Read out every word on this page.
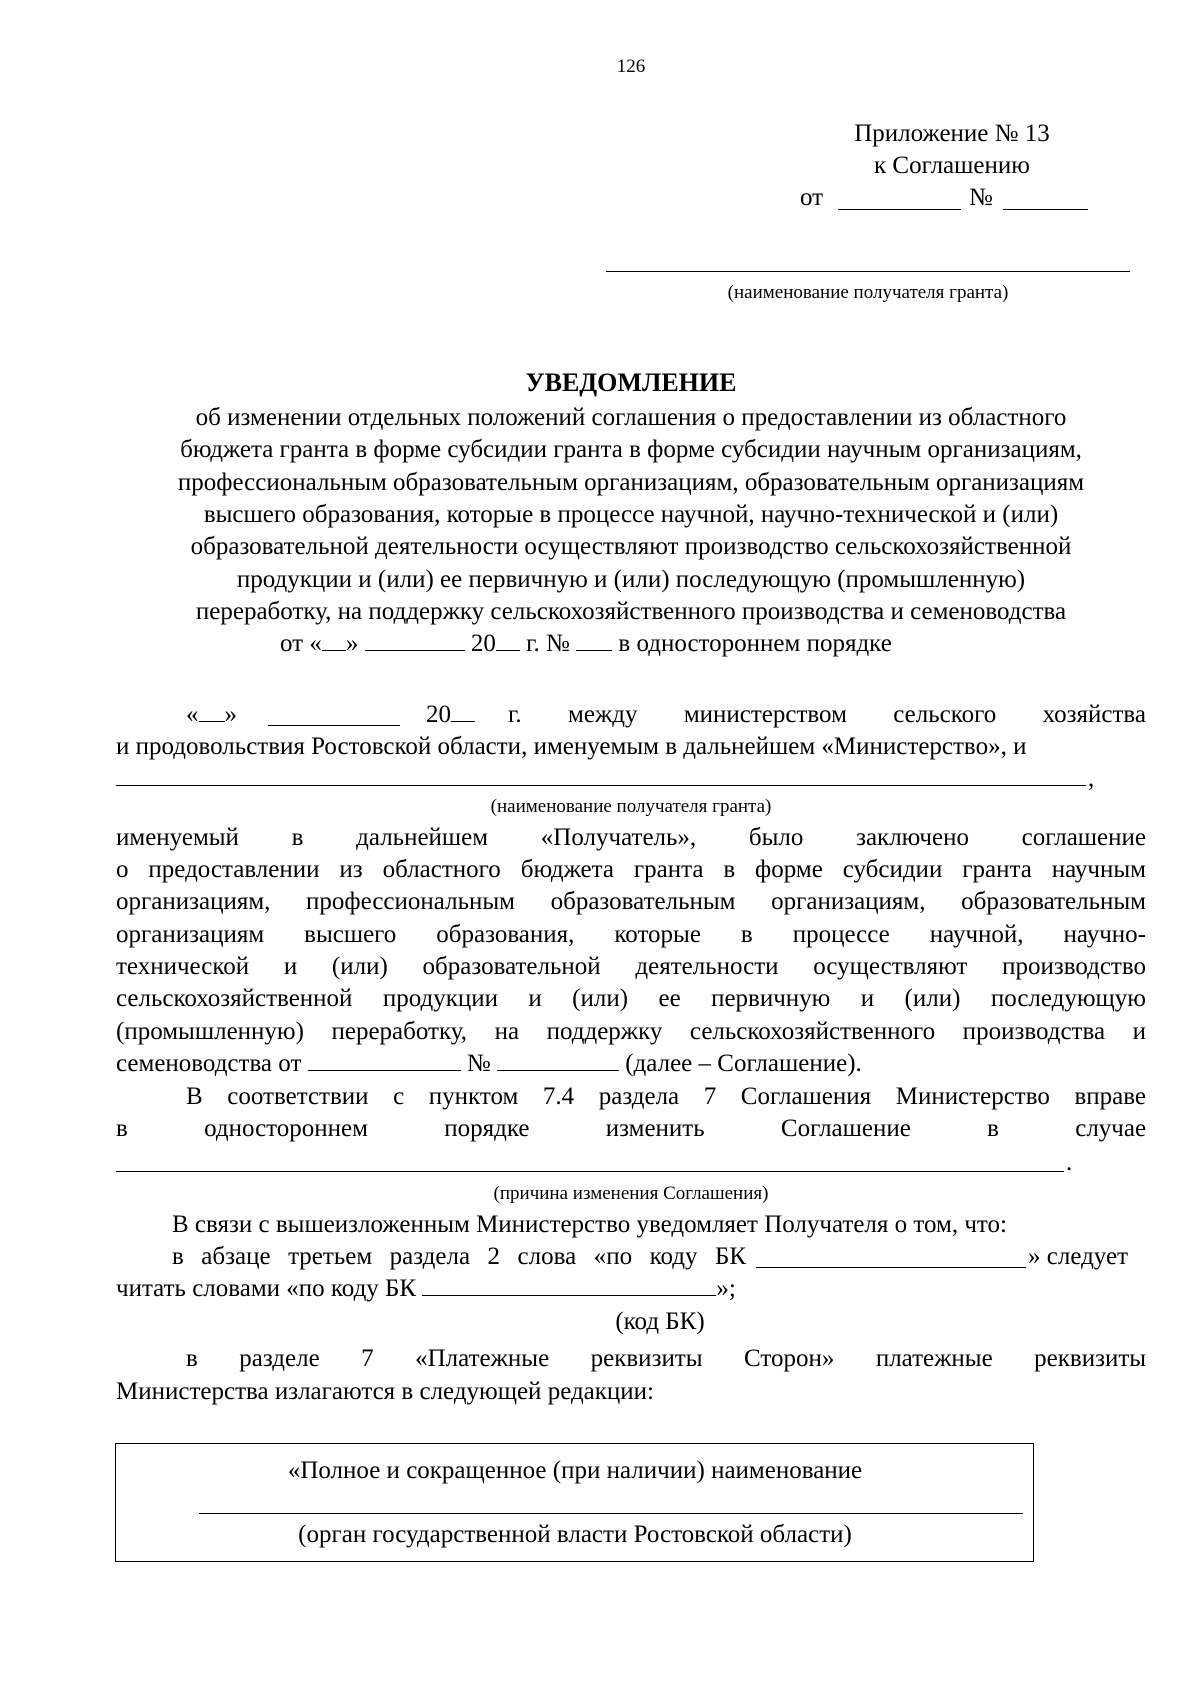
126
Приложение № 13
к Соглашению
от	№
(наименование получателя гранта)
УВЕДОМЛЕНИЕ
об изменении отдельных положений соглашения о предоставлении из областного
бюджета гранта в форме субсидии гранта в форме субсидии научным организациям,
профессиональным образовательным организациям, образовательным организациям
высшего образования, которые в процессе научной, научно-технической и (или)
образовательной деятельности осуществляют производство сельскохозяйственной
продукции и (или) ее первичную и (или) последующую (промышленную)
переработку, на поддержку сельскохозяйственного производства и семеноводства
от « »	20 г. № в одностороннем порядке
« »	20	г. между министерством сельского хозяйства
и продовольствия Ростовской области, именуемым в дальнейшем «Министерство», и
,
(наименование получателя гранта)
именуемый в дальнейшем «Получатель», было заключено соглашение
о предоставлении из областного бюджета гранта в форме субсидии гранта научным
организациям, профессиональным образовательным организациям, образовательным
организациям высшего образования, которые в процессе научной, научно-
технической и (или) образовательной деятельности осуществляют производство
сельскохозяйственной продукции и (или) ее первичную и (или) последующую
(промышленную) переработку, на поддержку сельскохозяйственного производства и
семеноводства от	№	(далее – Соглашение).
В соответствии с пунктом 7.4 раздела 7 Соглашения Министерство вправе
в одностороннем	порядке	изменить	Соглашение	в	случае
.
(причина изменения Соглашения)
В связи с вышеизложенным Министерство уведомляет Получателя о том, что:
в абзаце третьем раздела 2 слова «по коду БК	» следует
читать словами «по коду БК	»;
(код БК)
в разделе 7 «Платежные реквизиты Сторон» платежные реквизиты
Министерства излагаются в следующей редакции:
«Полное и сокращенное (при наличии) наименование
(орган государственной власти Ростовской области)
